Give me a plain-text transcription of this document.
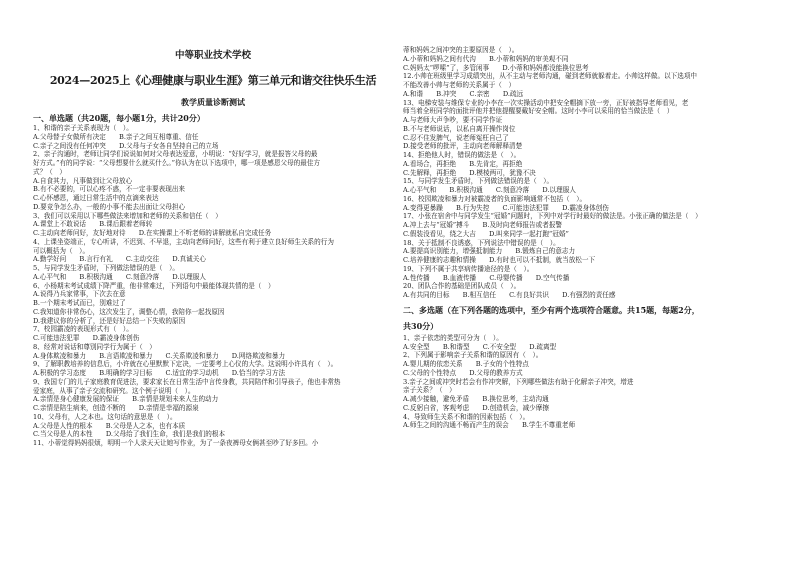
中等职业技术学校
2024—2025上《心理健康与职业生涯》第三单元和谐交往快乐生活
教学质量诊断测试
一、单选题（共20题，每小题1分，共计20分）
1、和谐的亲子关系表现为（　）。
A.父母替子女做所有决定　　B.亲子之间互相尊重、信任
C.亲子之间没有任何冲突　　D.父母与子女各自坚持自己的立场
2、亲子沟通时，老师让同学们说说如何对父母表达爱意，小明说：“好好学习，就是报答父母的最
好方式。”有的同学说：“父母想要什么就买什么。”你认为在以下选项中，哪一项是感恩父母的最佳方
式？（　）
A.自食其力，凡事做到让父母放心
B.有不必要的，可以心疼不惑，不一定非要表现出来
C.心怀感恩，通过日常生活中的点滴来表达
D.要竞争怎么办，一般的小事不能去出面让父母担心
3、我们可以采用以下哪些做法来增加和老师的关系和信任（　）
A.课堂上不敢说话　　B.课后跟着老师转
C.主动向老师问好，友好地对待　　D.在实操课上不听老师的讲解就私自完成任务
4、上课坐姿端正，专心听讲，不迟到、不早退，主动向老师问好，这些有利于建立良好师生关系的行为
可以概括为（　）。
A.勤学好问　　B.言行有礼　　C.主动交往　　D.真诚关心
5、与同学发生矛盾时，下列做法错误的是（　）。
A.心平气和　　B.积极沟通　　C.刻意冷落　　D.以理服人
6、小杨期末考试成绩下降严重，他非常难过，下列语句中最能体现共情的是（　）
A.说得乃兵家常事，下次去在意
B.一个期末考试而已，别难过了
C.我知道你非常伤心，这次发生了，调整心情，我陪你一起找原因
D.我建议你的分析了，还是好好总结一下失败的原因
7、校园霸凌的表现形式有（　）。
C.可能违法犯罪　　D.霸凌身体创伤
8、经常对说话和尊别同学行为属于（　）
A.身体欺凌和暴力　　B.言语欺凌和暴力　　C.关系欺凌和暴力　　D.网络欺凌和暴力
9、了解职教培养的信息后，小许就在心里默默下定决，一定要考上心仪的大学。这说明小许具有（　）。
A.积极的学习态度　　B.明确的学习目标　　C.适宜的学习动机　　D.恰当的学习方法
9、我国专门的儿子家庭教育促进法，要求家长在日常生活中言传身教，共同陪伴和引导孩子，他也非常热
爱家庭，从事了亲子交流和研究。这个例子说明（　）。
A.亲情是身心健康发展的保证　　B.亲情是规划未来人生的动力
C.亲情是陪生病来，创造不断的　　D.亲情是幸福的源泉
10、父母有，人之本也。这句话的意思是（　）。
A.父母是人性的根本　　B.父母是人之本，也有本质
C.当父母是人的本性　　D.父母给了我们生命，我们是我们的根本
11、小蒂觉得妈妈很烦，明明一个人录天天让她写作业，为了一条夜裤母女俩甚至吵了好多回。小
蒂和妈妈之间冲突的主要原因是（　）。
A.小蒂和妈妈之间有代沟　　B.小蒂和妈妈的审美观不同
C.妈妈太“啰嗦”了，多管闲事　　D.小蒂和妈妈都没能换位思考
12.小帅在班级里学习成绩突出，从不主动与老师沟通，碰到老师就躲着走。小帅这样做。以下选项中
不能改善小帅与老师的关系属于（　）
A.和谐　　B.冲突　　C.亲密　　D.疏远
13、电梯安装与维保专业的小李在一次实操活动中把安全帽摘下放一旁，正好被指导老师看见，老
师当着全班同学的面批评他并把他提醒要戴好安全帽。这时小李可以采用的恰当做法是（　）
A.与老师大声争吵，要不同学作证
B.不与老师说话，以私自离开操作岗位
C.忍不住发脾气，说老师冤枉自己了
D.接受老师的批评，主动向老师解释清楚
14、拒绝他人时，错误的做法是（　）。
A.看场合，再拒绝　　B.先肯定，再拒绝
C.先解释，再拒绝　　D.模棱两可，犹豫不决
15、与同学发生矛盾时，下列做法错误的是（　）。
A.心平气和　　B.积极沟通　　C.刻意冷落　　D.以理服人
16、校园欺凌和暴力对被霸凌者的负面影响通常不包括（　）。
A.变得更暴躁　　B.行为失控　　C.可能违法犯罪　　D.霸凌身体创伤
17、小张在宿舍中与同学发生“冠婚”问题时，下列中对学行时最好的做法是。小张正确的做法是（　）
A.冲上去与“冠婚”搏斗　　B.及时向老师报告或者报警
C.假装没看见，绕之大吉　　D.叫来同学一起打跑“冠婚”
18、关于抵制不良诱惑，下列说法中错误的是（　）。
A.要提高识别能力，增强抵制能力　　B.锻炼自己的意志力
C.培养健康的志趣和情操　　D.有时也可以不抵制，就当放松一下
19、下列不属于共享病传播途径的是（　）。
A.性传播　　B.血液传播　　C.母婴传播　　D.空气传播
20、团队合作的基础是团队成员（　）。
A.有共同的目标　　B.相互信任　　C.有良好共识　　D.有强烈的责任感
二、多选题（在下列各题的选项中，至少有两个选项符合题意。共15题，每题2分，
共30分）
1、亲子依恋的类型可分为（　）。
A.安全型　　B.和谐型　　C.不安全型　　D.疏离型
2、下列属于影响亲子关系和谐的原因有（　）。
A.婴儿期的依恋关系　　B.子女的个性特点
C.父母的个性特点　　D.父母的教养方式
3.亲子之间或冲突时若会有作冲突解，下列哪些做法有助于化解亲子冲突，增进
亲子关系？（　）
A.减少接触，避免矛盾　　B.换位思考，主动沟通
C.反躬自省，客观考虑　　D.创造机会，减少摩擦
4、导致师生关系不和谐的因素包括（　）。
A.师生之间的沟通不畅而产生的误会　　B.学生不尊重老师
